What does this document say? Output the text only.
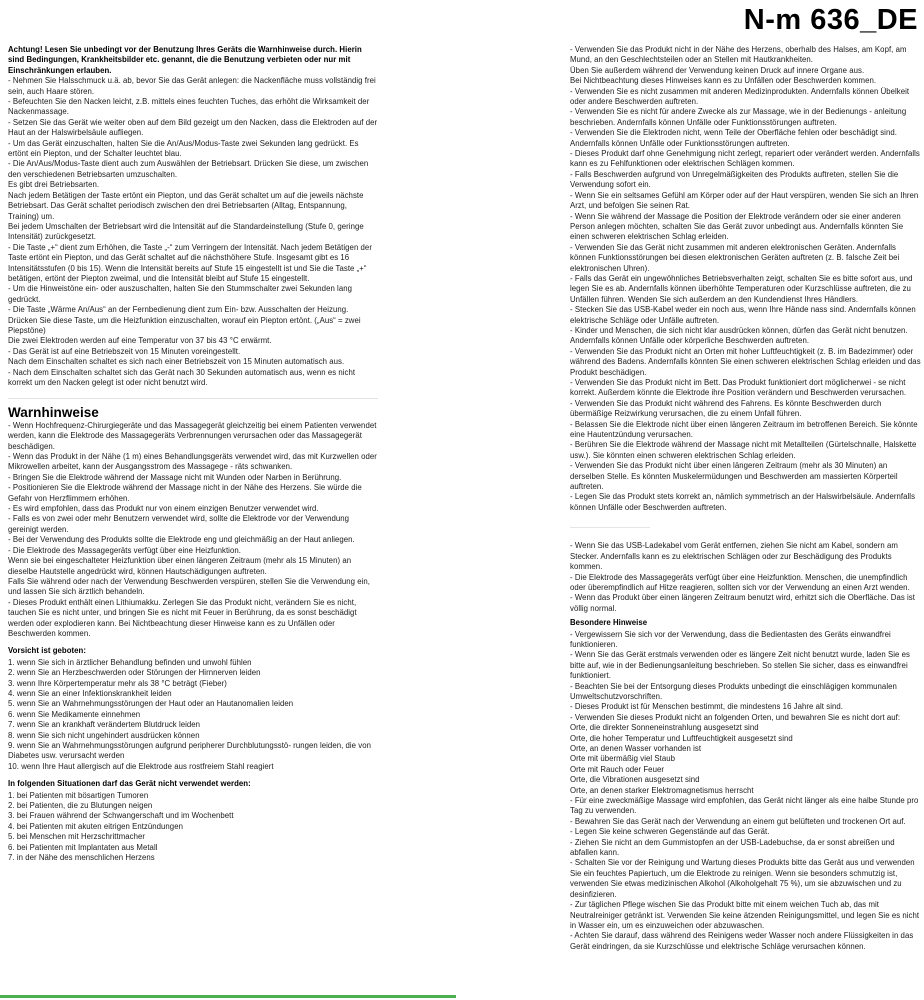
N-m 636_DE

Achtung! Lesen Sie unbedingt vor der Benutzung Ihres Geräts die Warnhinweise durch. Hierin sind Bedingungen, Krankheitsbilder etc. genannt, die die Benutzung verbieten oder nur mit Einschränkungen erlauben.

- Nehmen Sie Halsschmuck u.ä. ab, bevor Sie das Gerät anlegen: die Nackenfläche muss vollständig frei sein, auch Haare stören.

- Befeuchten Sie den Nacken leicht, z.B. mittels eines feuchten Tuches, das erhöht die Wirksamkeit der Nackenmassage.

- Setzen Sie das Gerät wie weiter oben auf dem Bild gezeigt um den Nacken, dass die Elektroden auf der Haut an der Halswirbelsäule aufliegen.

- Um das Gerät einzuschalten, halten Sie die An/Aus/Modus-Taste zwei Sekunden lang gedrückt. Es ertönt ein Piepton, und der Schalter leuchtet blau.

- Die An/Aus/Modus-Taste dient auch zum Auswählen der Betriebsart. Drücken Sie diese, um zwischen den verschiedenen Betriebsarten umzuschalten.

Es gibt drei Betriebsarten.

Nach jedem Betätigen der Taste ertönt ein Piepton, und das Gerät schaltet um auf die jeweils nächste Betriebsart. Das Gerät schaltet periodisch zwischen den drei Betriebsarten (Alltag, Entspannung, Training) um.

Bei jedem Umschalten der Betriebsart wird die Intensität auf die Standardeinstellung (Stufe 0, geringe Intensität) zurückgesetzt.

- Die Taste „+“ dient zum Erhöhen, die Taste „-“ zum Verringern der Intensität. Nach jedem Betätigen der Taste ertönt ein Piepton, und das Gerät schaltet auf die nächsthöhere Stufe. Insgesamt gibt es 16 Intensitätsstufen (0 bis 15). Wenn die Intensität bereits auf Stufe 15 eingestellt ist und Sie die Taste „+“ betätigen, ertönt der Piepton zweimal, und die Intensität bleibt auf Stufe 15 eingestellt.

- Um die Hinweistöne ein- oder auszuschalten, halten Sie den Stummschalter zwei Sekunden lang gedrückt.

- Die Taste „Wärme An/Aus“ an der Fernbedienung dient zum Ein- bzw. Ausschalten der Heizung. Drücken Sie diese Taste, um die Heizfunktion einzuschalten, worauf ein Piepton ertönt. („Aus“ = zwei Piepstöne)

Die zwei Elektroden werden auf eine Temperatur von 37 bis 43 °C erwärmt.

- Das Gerät ist auf eine Betriebszeit von 15 Minuten voreingestellt.

Nach dem Einschalten schaltet es sich nach einer Betriebszeit von 15 Minuten automatisch aus.

- Nach dem Einschalten schaltet sich das Gerät nach 30 Sekunden automatisch aus, wenn es nicht korrekt um den Nacken gelegt ist oder nicht benutzt wird.

Warnhinweise

- Wenn Hochfrequenz-Chirurgiegeräte und das Massagegerät gleichzeitig bei einem Patienten verwendet werden, kann die Elektrode des Massagegeräts Verbrennungen verursachen oder das Massagegerät beschädigen.

- Wenn das Produkt in der Nähe (1 m) eines Behandlungsgeräts verwendet wird, das mit Kurzwellen oder Mikrowellen arbeitet, kann der Ausgangsstrom des Massagege - räts schwanken.

- Bringen Sie die Elektrode während der Massage nicht mit Wunden oder Narben in Berührung.

- Positionieren Sie die Elektrode während der Massage nicht in der Nähe des Herzens. Sie würde die Gefahr von Herzflimmern erhöhen.

- Es wird empfohlen, dass das Produkt nur von einem einzigen Benutzer verwendet wird.

- Falls es von zwei oder mehr Benutzern verwendet wird, sollte die Elektrode vor der Verwendung gereinigt werden.

- Bei der Verwendung des Produkts sollte die Elektrode eng und gleichmäßig an der Haut anliegen.

- Die Elektrode des Massagegeräts verfügt über eine Heizfunktion.

Wenn sie bei eingeschalteter Heizfunktion über einen längeren Zeitraum (mehr als 15 Minuten) an dieselbe Hautstelle angedrückt wird, können Hautschädigungen auftreten.

Falls Sie während oder nach der Verwendung Beschwerden verspüren, stellen Sie die Verwendung ein, und lassen Sie sich ärztlich behandeln.

- Dieses Produkt enthält einen Lithiumakku. Zerlegen Sie das Produkt nicht, verändern Sie es nicht, tauchen Sie es nicht unter, und bringen Sie es nicht mit Feuer in Berührung, da es sonst beschädigt werden oder explodieren kann. Bei Nichtbeachtung dieser Hinweise kann es zu Unfällen oder Beschwerden kommen.

Vorsicht ist geboten:

1. wenn Sie sich in ärztlicher Behandlung befinden und unwohl fühlen

2. wenn Sie an Herzbeschwerden oder Störungen der Hirnnerven leiden

3. wenn Ihre Körpertemperatur mehr als 38 °C beträgt (Fieber)

4. wenn Sie an einer Infektionskrankheit leiden

5. wenn Sie an Wahrnehmungsstörungen der Haut oder an Hautanomalien leiden

6. wenn Sie Medikamente einnehmen

7. wenn Sie an krankhaft verändertem Blutdruck leiden

8. wenn Sie sich nicht ungehindert ausdrücken können

9. wenn Sie an Wahrnehmungsstörungen aufgrund peripherer Durchblutungsstö- rungen leiden, die von Diabetes usw. verursacht werden

10. wenn Ihre Haut allergisch auf die Elektrode aus rostfreiem Stahl reagiert

In folgenden Situationen darf das Gerät nicht verwendet werden:

1. bei Patienten mit bösartigen Tumoren

2. bei Patienten, die zu Blutungen neigen

3. bei Frauen während der Schwangerschaft und im Wochenbett

4. bei Patienten mit akuten eitrigen Entzündungen

5. bei Menschen mit Herzschrittmacher

6. bei Patienten mit Implantaten aus Metall

7. in der Nähe des menschlichen Herzens

- Verwenden Sie das Produkt nicht in der Nähe des Herzens, oberhalb des Halses, am Kopf, am Mund, an den Geschlechtsteilen oder an Stellen mit Hautkrankheiten.

Üben Sie außerdem während der Verwendung keinen Druck auf innere Organe aus.

Bei Nichtbeachtung dieses Hinweises kann es zu Unfällen oder Beschwerden kommen.

- Verwenden Sie es nicht zusammen mit anderen Medizinprodukten. Andernfalls können Übelkeit oder andere Beschwerden auftreten.

- Verwenden Sie es nicht für andere Zwecke als zur Massage, wie in der Bedienungs - anleitung beschrieben. Andernfalls können Unfälle oder Funktionsstörungen auftreten.

- Verwenden Sie die Elektroden nicht, wenn Teile der Oberfläche fehlen oder beschädigt sind. Andernfalls können Unfälle oder Funktionsstörungen auftreten.

- Dieses Produkt darf ohne Genehmigung nicht zerlegt, repariert oder verändert werden. Andernfalls kann es zu Fehlfunktionen oder elektrischen Schlägen kommen.

- Falls Beschwerden aufgrund von Unregelmäßigkeiten des Produkts auftreten, stellen Sie die Verwendung sofort ein.

- Wenn Sie ein seltsames Gefühl am Körper oder auf der Haut verspüren, wenden Sie sich an Ihren Arzt, und befolgen Sie seinen Rat.

- Wenn Sie während der Massage die Position der Elektrode verändern oder sie einer anderen Person anlegen möchten, schalten Sie das Gerät zuvor unbedingt aus. Andernfalls könnten Sie einen schweren elektrischen Schlag erleiden.

- Verwenden Sie das Gerät nicht zusammen mit anderen elektronischen Geräten. Andernfalls können Funktionsstörungen bei diesen elektronischen Geräten auftreten (z. B. falsche Zeit bei elektronischen Uhren).

- Falls das Gerät ein ungewöhnliches Betriebsverhalten zeigt, schalten Sie es bitte sofort aus, und legen Sie es ab. Andernfalls können überhöhte Temperaturen oder Kurzschlüsse auftreten, die zu Unfällen führen. Wenden Sie sich außerdem an den Kundendienst Ihres Händlers.

- Stecken Sie das USB-Kabel weder ein noch aus, wenn Ihre Hände nass sind. Andernfalls können elektrische Schläge oder Unfälle auftreten.

- Kinder und Menschen, die sich nicht klar ausdrücken können, dürfen das Gerät nicht benutzen. Andernfalls können Unfälle oder körperliche Beschwerden auftreten.

- Verwenden Sie das Produkt nicht an Orten mit hoher Luftfeuchtigkeit (z. B. im Badezimmer) oder während des Badens. Andernfalls könnten Sie einen schweren elektrischen Schlag erleiden und das Produkt beschädigen.

- Verwenden Sie das Produkt nicht im Bett. Das Produkt funktioniert dort möglicherwei - se nicht korrekt. Außerdem könnte die Elektrode ihre Position verändern und Beschwerden verursachen.

- Verwenden Sie das Produkt nicht während des Fahrens. Es könnte Beschwerden durch übermäßige Reizwirkung verursachen, die zu einem Unfall führen.

- Belassen Sie die Elektrode nicht über einen längeren Zeitraum im betroffenen Bereich. Sie könnte eine Hautentzündung verursachen.

- Berühren Sie die Elektrode während der Massage nicht mit Metallteilen (Gürtelschnalle, Halskette usw.). Sie könnten einen schweren elektrischen Schlag erleiden.

- Verwenden Sie das Produkt nicht über einen längeren Zeitraum (mehr als 30 Minuten) an derselben Stelle. Es könnten Muskelermüdungen und Beschwerden am massierten Körperteil auftreten.

- Legen Sie das Produkt stets korrekt an, nämlich symmetrisch an der Halswirbelsäule. Andernfalls können Unfälle oder Beschwerden auftreten.

- Wenn Sie das USB-Ladekabel vom Gerät entfernen, ziehen Sie nicht am Kabel, sondern am Stecker. Andernfalls kann es zu elektrischen Schlägen oder zur Beschädigung des Produkts kommen.

- Die Elektrode des Massagegeräts verfügt über eine Heizfunktion. Menschen, die unempfindlich oder überempfindlich auf Hitze reagieren, sollten sich vor der Verwendung an einen Arzt wenden.

- Wenn das Produkt über einen längeren Zeitraum benutzt wird, erhitzt sich die Oberfläche. Das ist völlig normal.

Besondere Hinweise

- Vergewissern Sie sich vor der Verwendung, dass die Bedientasten des Geräts einwandfrei funktionieren.

- Wenn Sie das Gerät erstmals verwenden oder es längere Zeit nicht benutzt wurde, laden Sie es bitte auf, wie in der Bedienungsanleitung beschrieben. So stellen Sie sicher, dass es einwandfrei funktioniert.

- Beachten Sie bei der Entsorgung dieses Produkts unbedingt die einschlägigen kommunalen Umweltschutzvorschriften.

- Dieses Produkt ist für Menschen bestimmt, die mindestens 16 Jahre alt sind.

- Verwenden Sie dieses Produkt nicht an folgenden Orten, und bewahren Sie es nicht dort auf:

Orte, die direkter Sonneneinstrahlung ausgesetzt sind

Orte, die hoher Temperatur und Luftfeuchtigkeit ausgesetzt sind

Orte, an denen Wasser vorhanden ist

Orte mit übermäßig viel Staub

Orte mit Rauch oder Feuer

Orte, die Vibrationen ausgesetzt sind

Orte, an denen starker Elektromagnetismus herrscht

- Für eine zweckmäßige Massage wird empfohlen, das Gerät nicht länger als eine halbe Stunde pro Tag zu verwenden.

- Bewahren Sie das Gerät nach der Verwendung an einem gut belüfteten und trockenen Ort auf.

- Legen Sie keine schweren Gegenstände auf das Gerät.

- Ziehen Sie nicht an dem Gummistopfen an der USB-Ladebuchse, da er sonst abreißen und abfallen kann.

- Schalten Sie vor der Reinigung und Wartung dieses Produkts bitte das Gerät aus und verwenden Sie ein feuchtes Papiertuch, um die Elektrode zu reinigen. Wenn sie besonders schmutzig ist, verwenden Sie etwas medizinischen Alkohol (Alkoholgehalt 75 %), um sie abzuwischen und zu desinfizieren.

- Zur täglichen Pflege wischen Sie das Produkt bitte mit einem weichen Tuch ab, das mit Neutralreiniger getränkt ist. Verwenden Sie keine ätzenden Reinigungsmittel, und legen Sie es nicht in Wasser ein, um es einzuweichen oder abzuwaschen.

- Achten Sie darauf, dass während des Reinigens weder Wasser noch andere Flüssigkeiten in das Gerät eindringen, da sie Kurzschlüsse und elektrische Schläge verursachen können.
